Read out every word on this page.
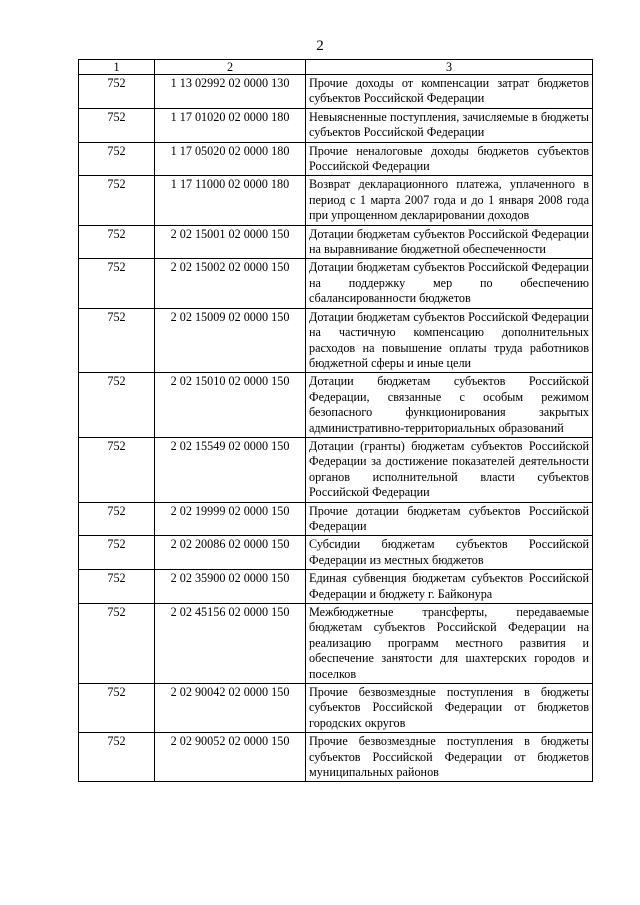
2
1	2	3
752	1 13 02992 02 0000 130	Прочие доходы от компенсации затрат бюджетов субъектов Российской Федерации
752	1 17 01020 02 0000 180	Невыясненные поступления, зачисляемые в бюджеты субъектов Российской Федерации
752	1 17 05020 02 0000 180	Прочие неналоговые доходы бюджетов субъектов Российской Федерации
752	1 17 11000 02 0000 180	Возврат декларационного платежа, уплаченного в период с 1 марта 2007 года и до 1 января 2008 года при упрощенном декларировании доходов
752	2 02 15001 02 0000 150	Дотации бюджетам субъектов Российской Федерации на выравнивание бюджетной обеспеченности
752	2 02 15002 02 0000 150	Дотации бюджетам субъектов Российской Федерации на поддержку мер по обеспечению сбалансированности бюджетов
752	2 02 15009 02 0000 150	Дотации бюджетам субъектов Российской Федерации на частичную компенсацию дополнительных расходов на повышение оплаты труда работников бюджетной сферы и иные цели
752	2 02 15010 02 0000 150	Дотации бюджетам субъектов Российской Федерации, связанные с особым режимом безопасного функционирования закрытых административно-территориальных образований
752	2 02 15549 02 0000 150	Дотации (гранты) бюджетам субъектов Российской Федерации за достижение показателей деятельности органов исполнительной власти субъектов Российской Федерации
752	2 02 19999 02 0000 150	Прочие дотации бюджетам субъектов Российской Федерации
752	2 02 20086 02 0000 150	Субсидии бюджетам субъектов Российской Федерации из местных бюджетов
752	2 02 35900 02 0000 150	Единая субвенция бюджетам субъектов Российской Федерации и бюджету г. Байконура
752	2 02 45156 02 0000 150	Межбюджетные трансферты, передаваемые бюджетам субъектов Российской Федерации на реализацию программ местного развития и обеспечение занятости для шахтерских городов и поселков
752	2 02 90042 02 0000 150	Прочие безвозмездные поступления в бюджеты субъектов Российской Федерации от бюджетов городских округов
752	2 02 90052 02 0000 150	Прочие безвозмездные поступления в бюджеты субъектов Российской Федерации от бюджетов муниципальных районов
